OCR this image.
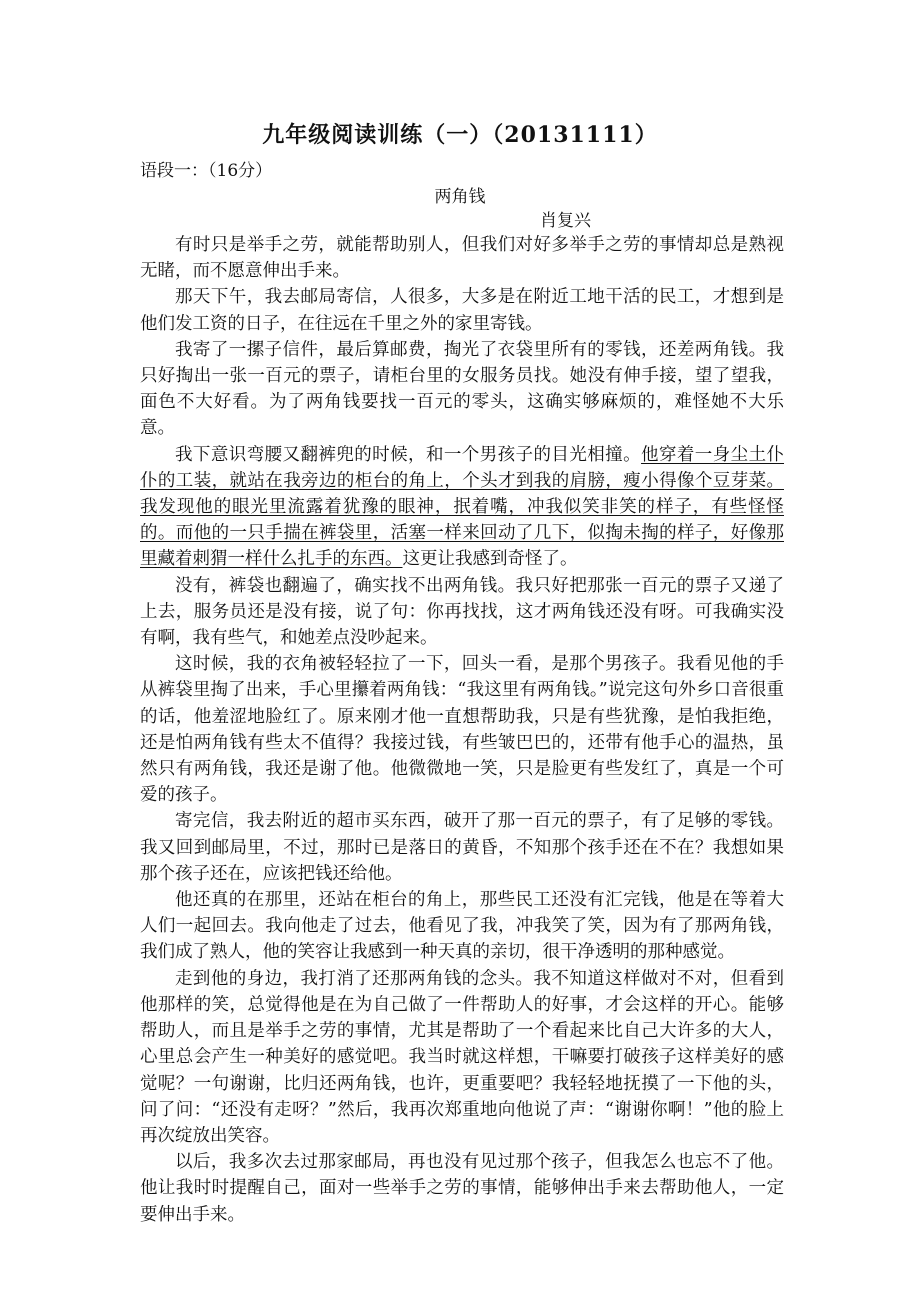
九年级阅读训练（一）（20131111）
语段一：（16分）
两角钱
肖复兴

有时只是举手之劳，就能帮助别人，但我们对好多举手之劳的事情却总是熟视无睹，而不愿意伸出手来。

那天下午，我去邮局寄信，人很多，大多是在附近工地干活的民工，才想到是他们发工资的日子，在往远在千里之外的家里寄钱。

我寄了一摞子信件，最后算邮费，掏光了衣袋里所有的零钱，还差两角钱。我只好掏出一张一百元的票子，请柜台里的女服务员找。她没有伸手接，望了望我，面色不大好看。为了两角钱要找一百元的零头，这确实够麻烦的，难怪她不大乐意。

我下意识弯腰又翻裤兜的时候，和一个男孩子的目光相撞。他穿着一身尘土仆仆的工装，就站在我旁边的柜台的角上，个头才到我的肩膀，瘦小得像个豆芽菜。我发现他的眼光里流露着犹豫的眼神，抿着嘴，冲我似笑非笑的样子，有些怪怪的。而他的一只手揣在裤袋里，活塞一样来回动了几下，似掏未掏的样子，好像那里藏着刺猬一样什么扎手的东西。这更让我感到奇怪了。

没有，裤袋也翻遍了，确实找不出两角钱。我只好把那张一百元的票子又递了上去，服务员还是没有接，说了句：你再找找，这才两角钱还没有呀。可我确实没有啊，我有些气，和她差点没吵起来。

这时候，我的衣角被轻轻拉了一下，回头一看，是那个男孩子。我看见他的手从裤袋里掏了出来，手心里攥着两角钱：“我这里有两角钱。”说完这句外乡口音很重的话，他羞涩地脸红了。原来刚才他一直想帮助我，只是有些犹豫，是怕我拒绝，还是怕两角钱有些太不值得？我接过钱，有些皱巴巴的，还带有他手心的温热，虽然只有两角钱，我还是谢了他。他微微地一笑，只是脸更有些发红了，真是一个可爱的孩子。

寄完信，我去附近的超市买东西，破开了那一百元的票子，有了足够的零钱。我又回到邮局里，不过，那时已是落日的黄昏，不知那个孩手还在不在？我想如果那个孩子还在，应该把钱还给他。

他还真的在那里，还站在柜台的角上，那些民工还没有汇完钱，他是在等着大人们一起回去。我向他走了过去，他看见了我，冲我笑了笑，因为有了那两角钱，我们成了熟人，他的笑容让我感到一种天真的亲切，很干净透明的那种感觉。

走到他的身边，我打消了还那两角钱的念头。我不知道这样做对不对，但看到他那样的笑，总觉得他是在为自己做了一件帮助人的好事，才会这样的开心。能够帮助人，而且是举手之劳的事情，尤其是帮助了一个看起来比自己大许多的大人，心里总会产生一种美好的感觉吧。我当时就这样想，干嘛要打破孩子这样美好的感觉呢？一句谢谢，比归还两角钱，也许，更重要吧？我轻轻地抚摸了一下他的头，问了问：“还没有走呀？”然后，我再次郑重地向他说了声：“谢谢你啊！”他的脸上再次绽放出笑容。

以后，我多次去过那家邮局，再也没有见过那个孩子，但我怎么也忘不了他。他让我时时提醒自己，面对一些举手之劳的事情，能够伸出手来去帮助他人，一定要伸出手来。
